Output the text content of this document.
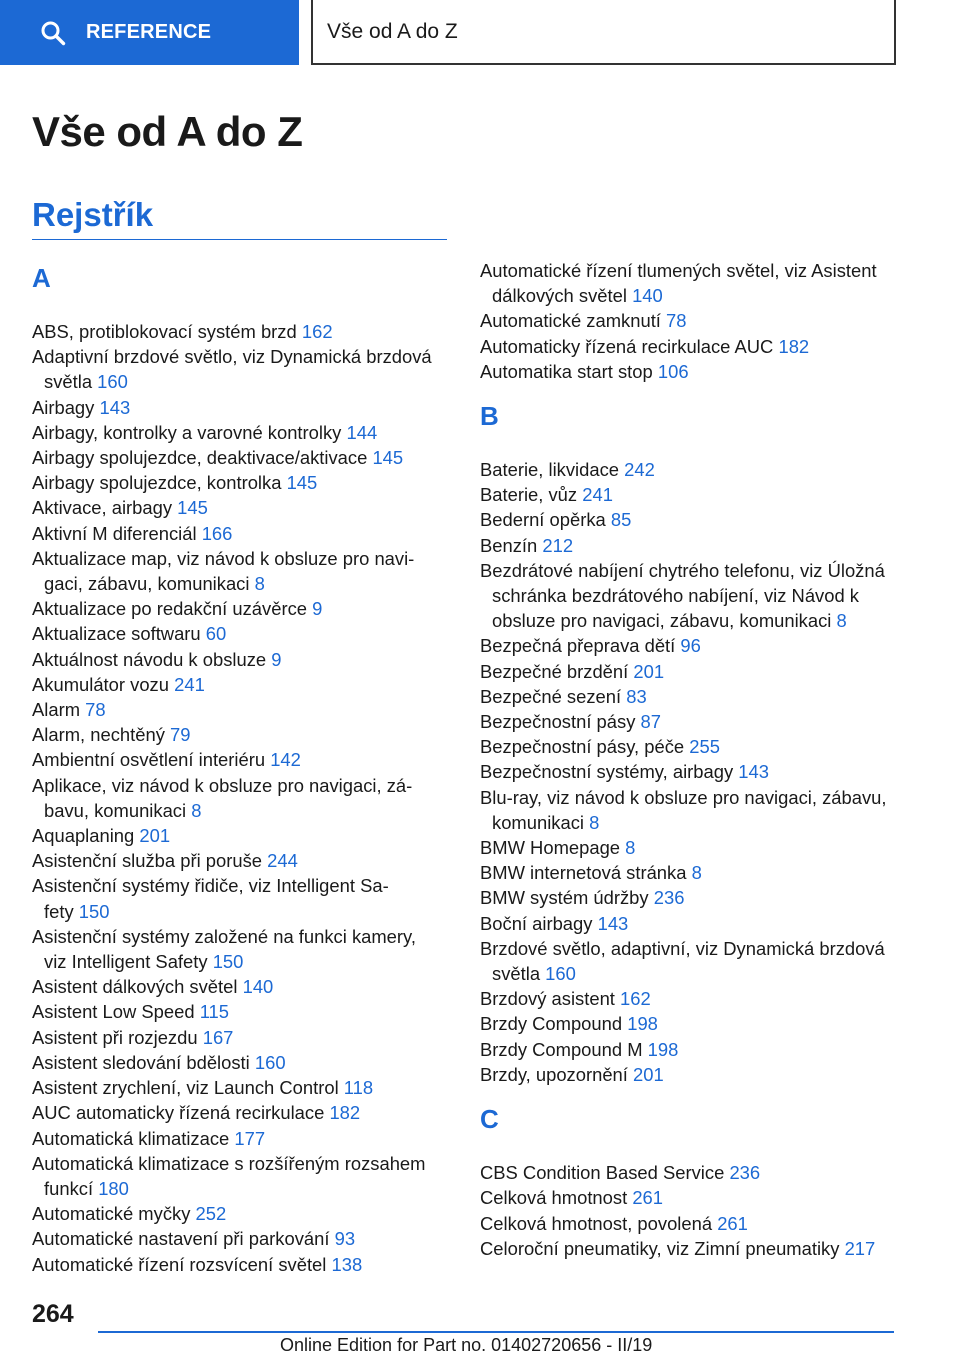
REFERENCE	Vše od A do Z
Vše od A do Z
Rejstřík
A
ABS, protiblokovací systém brzd 162
Adaptivní brzdové světlo, viz Dynamická brzdová
světla 160
Airbagy 143
Airbagy, kontrolky a varovné kontrolky 144
Airbagy spolujezdce, deaktivace/aktivace 145
Airbagy spolujezdce, kontrolka 145
Aktivace, airbagy 145
Aktivní M diferenciál 166
Aktualizace map, viz návod k obsluze pro navi-
gaci, zábavu, komunikaci 8
Aktualizace po redakční uzávěrce 9
Aktualizace softwaru 60
Aktuálnost návodu k obsluze 9
Akumulátor vozu 241
Alarm 78
Alarm, nechtěný 79
Ambientní osvětlení interiéru 142
Aplikace, viz návod k obsluze pro navigaci, zá-
bavu, komunikaci 8
Aquaplaning 201
Asistenční služba při poruše 244
Asistenční systémy řidiče, viz Intelligent Sa-
fety 150
Asistenční systémy založené na funkci kamery,
viz Intelligent Safety 150
Asistent dálkových světel 140
Asistent Low Speed 115
Asistent při rozjezdu 167
Asistent sledování bdělosti 160
Asistent zrychlení, viz Launch Control 118
AUC automaticky řízená recirkulace 182
Automatická klimatizace 177
Automatická klimatizace s rozšířeným rozsahem
funkcí 180
Automatické myčky 252
Automatické nastavení při parkování 93
Automatické řízení rozsvícení světel 138
Automatické řízení tlumených světel, viz Asistent
dálkových světel 140
Automatické zamknutí 78
Automaticky řízená recirkulace AUC 182
Automatika start stop 106
B
Baterie, likvidace 242
Baterie, vůz 241
Bederní opěrka 85
Benzín 212
Bezdrátové nabíjení chytrého telefonu, viz Úložná
schránka bezdrátového nabíjení, viz Návod k
obsluze pro navigaci, zábavu, komunikaci 8
Bezpečná přeprava dětí 96
Bezpečné brzdění 201
Bezpečné sezení 83
Bezpečnostní pásy 87
Bezpečnostní pásy, péče 255
Bezpečnostní systémy, airbagy 143
Blu-ray, viz návod k obsluze pro navigaci, zábavu,
komunikaci 8
BMW Homepage 8
BMW internetová stránka 8
BMW systém údržby 236
Boční airbagy 143
Brzdové světlo, adaptivní, viz Dynamická brzdová
světla 160
Brzdový asistent 162
Brzdy Compound 198
Brzdy Compound M 198
Brzdy, upozornění 201
C
CBS Condition Based Service 236
Celková hmotnost 261
Celková hmotnost, povolená 261
Celoroční pneumatiky, viz Zimní pneumatiky 217
264
Online Edition for Part no. 01402720656 - II/19
